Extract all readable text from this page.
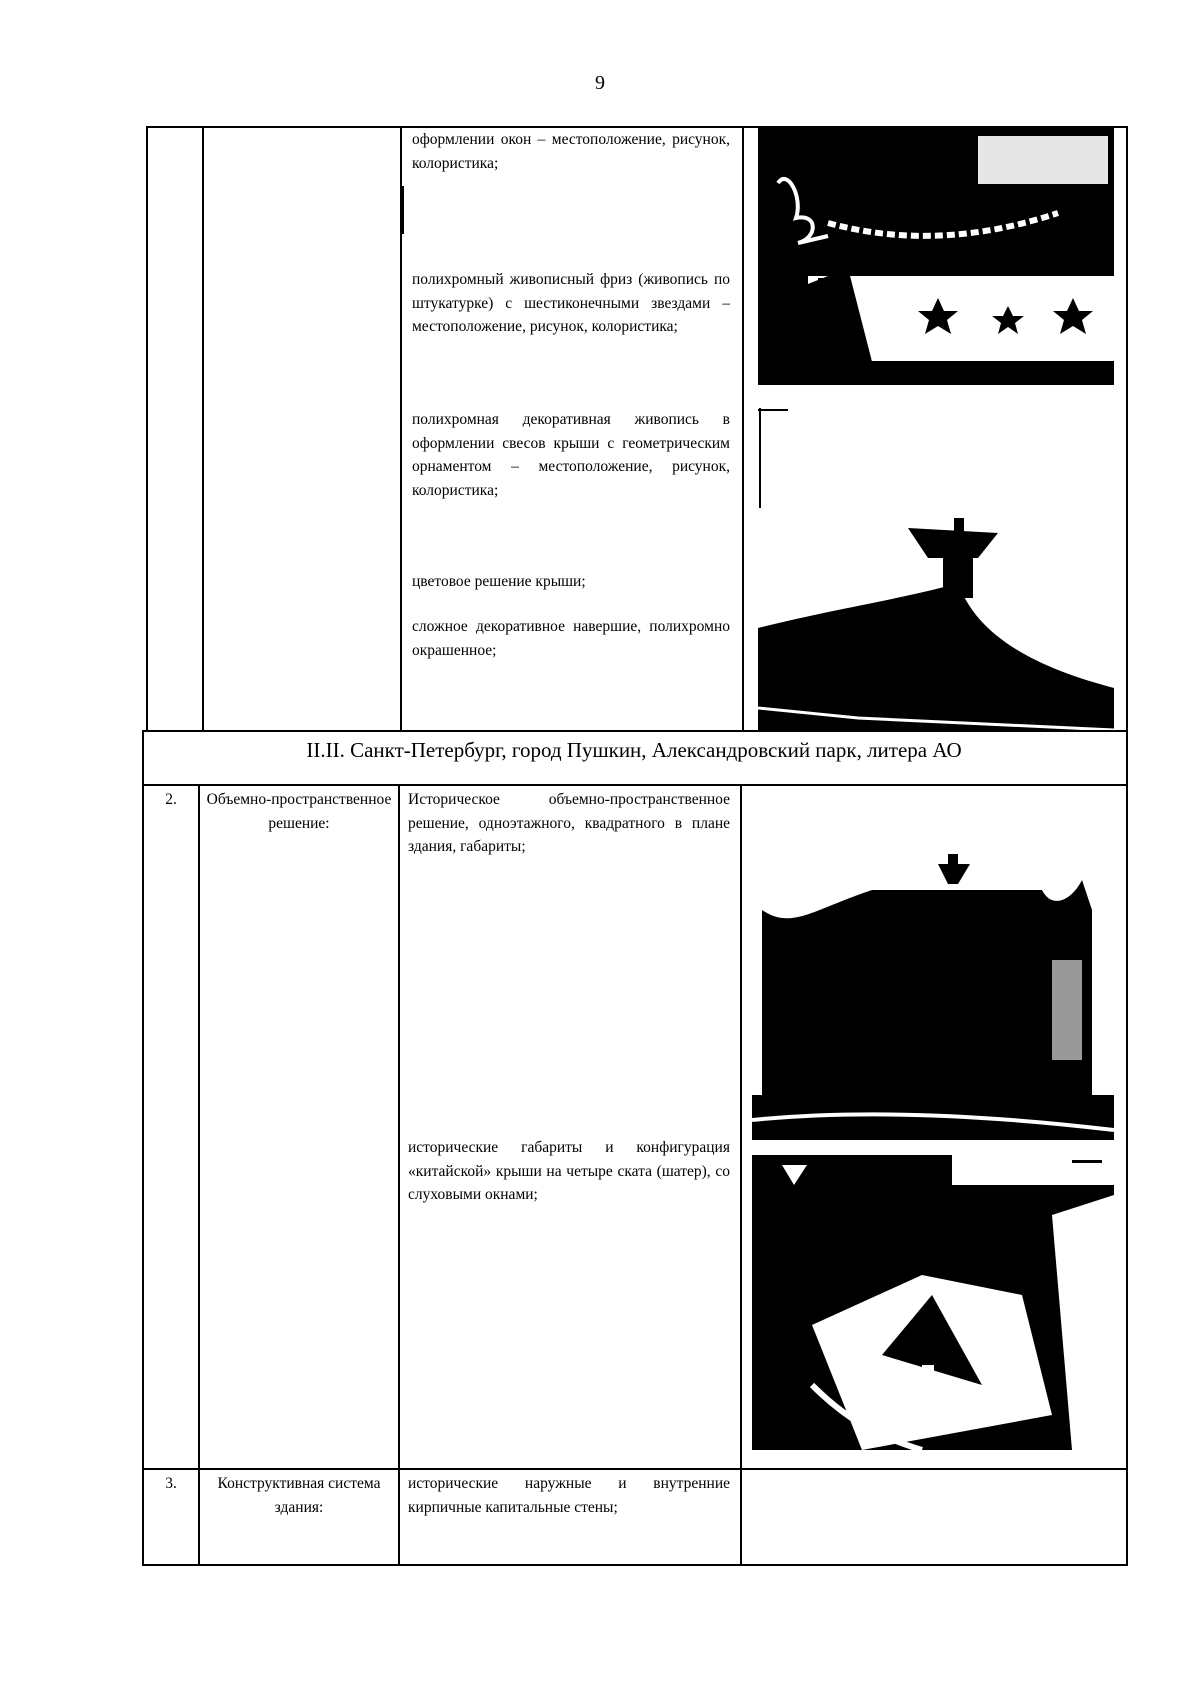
9
оформлении окон – местоположение, рисунок, колористика;
полихромный живописный фриз (живопись по штукатурке) с шестиконечными звездами – местоположение, рисунок, колористика;
полихромная декоративная живопись в оформлении свесов крыши с геометрическим орнаментом – местоположение, рисунок, колористика;
цветовое решение крыши;
сложное декоративное навершие, полихромно окрашенное;
II.II. Санкт-Петербург, город Пушкин, Александровский парк, литера АО
2.	Объемно-пространственное решение:
Историческое объемно-пространственное решение, одноэтажного, квадратного в плане здания, габариты;
исторические габариты и конфигурация «китайской» крыши на четыре ската (шатер), со слуховыми окнами;
3.	Конструктивная система здания:
исторические наружные и внутренние кирпичные капитальные стены;
